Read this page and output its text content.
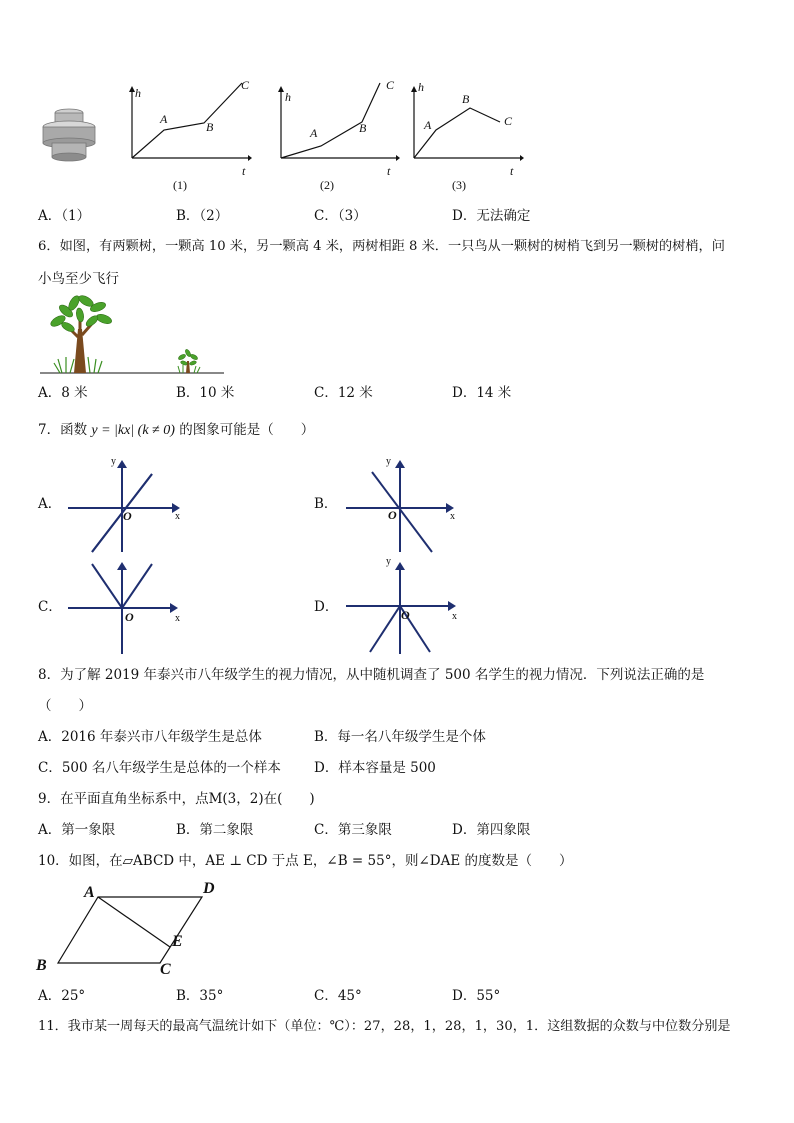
h
t
A
B
C
(1)
h
t
A	B
C
(2)
h
t
A
B
C
(3)
A．（1）	B．（2）	C．（3）	D．无法确定
6．如图，有两颗树，一颗高 10 米，另一颗高 4 米，两树相距 8 米．一只鸟从一颗树的树梢飞到另一颗树的树梢，问
小鸟至少飞行
A．8 米	B．10 米	C．12 米	D．14 米
7．函数 y = |kx| (k ≠ 0) 的图象可能是（　　）
A．
y
x
O
B．
y
x
O
C．
O	x
D．
y
x
O
8．为了解 2019 年泰兴市八年级学生的视力情况，从中随机调查了 500 名学生的视力情况．下列说法正确的是
（　　）
A．2016 年泰兴市八年级学生是总体	B．每一名八年级学生是个体
C．500 名八年级学生是总体的一个样本 D．样本容量是 500
9．在平面直角坐标系中，点M(3，2)在(　　)
A．第一象限	B．第二象限	C．第三象限	D．第四象限
10．如图，在▱ABCD 中，AE ⊥ CD 于点 E，∠B = 55°，则∠DAE 的度数是（　　）
A
B	C
D
E
A．25°	B．35°	C．45°	D．55°
11．我市某一周每天的最高气温统计如下（单位：℃）：27，28，1，28，1，30，1．这组数据的众数与中位数分别是
